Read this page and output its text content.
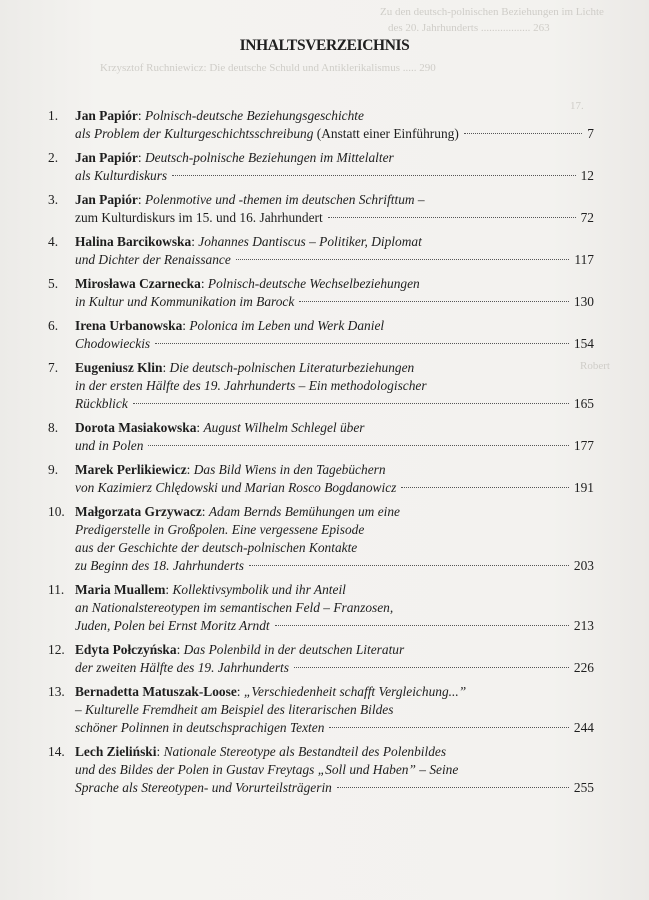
Zu den deutsch-polnischen Beziehungen im Lichte
des 20. Jahrhunderts .................. 263
Krzysztof Ruchniewicz: Die deutsche Schuld und Antiklerikalismus ..... 290
17.
Robert
INHALTSVERZEICHNIS
1.	Jan Papiór: Polnisch-deutsche Beziehungsgeschichte
als Problem der Kulturgeschichtsschreibung (Anstatt einer Einführung)	7
2.	Jan Papiór: Deutsch-polnische Beziehungen im Mittelalter
als Kulturdiskurs	12
3.	Jan Papiór: Polenmotive und -themen im deutschen Schrifttum –
zum Kulturdiskurs im 15. und 16. Jahrhundert	72
4.	Halina Barcikowska: Johannes Dantiscus – Politiker, Diplomat
und Dichter der Renaissance	117
5.	Mirosława Czarnecka: Polnisch-deutsche Wechselbeziehungen
in Kultur und Kommunikation im Barock	130
6.	Irena Urbanowska: Polonica im Leben und Werk Daniel
Chodowieckis	154
7.	Eugeniusz Klin: Die deutsch-polnischen Literaturbeziehungen
in der ersten Hälfte des 19. Jahrhunderts – Ein methodologischer
Rückblick	165
8.	Dorota Masiakowska: August Wilhelm Schlegel über
und in Polen	177
9.	Marek Perlikiewicz: Das Bild Wiens in den Tagebüchern
von Kazimierz Chlędowski und Marian Rosco Bogdanowicz	191
10. Małgorzata Grzywacz: Adam Bernds Bemühungen um eine
Predigerstelle in Großpolen. Eine vergessene Episode
aus der Geschichte der deutsch-polnischen Kontakte
zu Beginn des 18. Jahrhunderts	203
11. Maria Muallem: Kollektivsymbolik und ihr Anteil
an Nationalstereotypen im semantischen Feld – Franzosen,
Juden, Polen bei Ernst Moritz Arndt	213
12. Edyta Połczyńska: Das Polenbild in der deutschen Literatur
der zweiten Hälfte des 19. Jahrhunderts	226
13. Bernadetta Matuszak-Loose: „Verschiedenheit schafft Vergleichung...”
– Kulturelle Fremdheit am Beispiel des literarischen Bildes
schöner Polinnen in deutschsprachigen Texten	244
14. Lech Zieliński: Nationale Stereotype als Bestandteil des Polenbildes
und des Bildes der Polen in Gustav Freytags „Soll und Haben” – Seine
Sprache als Stereotypen- und Vorurteilsträgerin	255
